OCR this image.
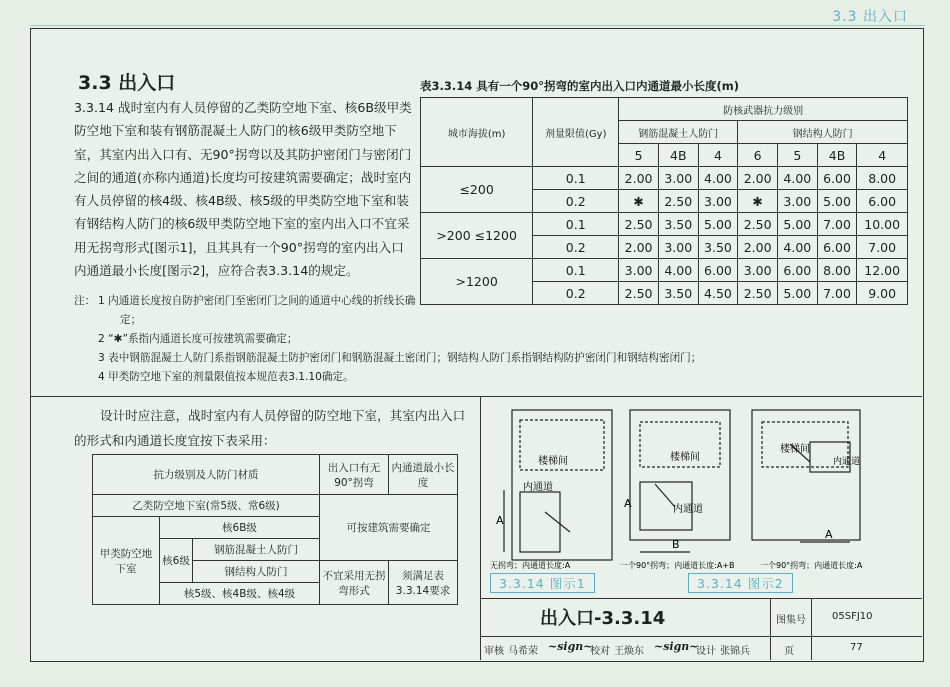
3.3 出入口
3.3 出入口
3.3.14 战时室内有人员停留的乙类防空地下室、核6B级甲类防空地下室和装有钢筋混凝土人防门的核6级甲类防空地下室，其室内出入口有、无90°拐弯以及其防护密闭门与密闭门之间的通道(亦称内通道)长度均可按建筑需要确定；战时室内有人员停留的核4级、核4B级、核5级的甲类防空地下室和装有钢结构人防门的核6级甲类防空地下室的室内出入口不宜采用无拐弯形式[图示1]，且其具有一个90°拐弯的室内出入口内通道最小长度[图示2]，应符合表3.3.14的规定。
表3.3.14 具有一个90°拐弯的室内出入口内通道最小长度(m)
城市海拔(m)	剂量限值(Gy)	防核武器抗力级别						
		钢筋混凝土人防门			钢结构人防门			
		5	4B	4	6	5	4B	4
≤200	0.1	2.00	3.00	4.00	2.00	4.00	6.00	8.00
	0.2	✱	2.50	3.00	✱	3.00	5.00	6.00
>200 ≤1200	0.1	2.50	3.50	5.00	2.50	5.00	7.00	10.00
	0.2	2.00	3.00	3.50	2.00	4.00	6.00	7.00
>1200	0.1	3.00	4.00	6.00	3.00	6.00	8.00	12.00
	0.2	2.50	3.50	4.50	2.50	5.00	7.00	9.00
注： 1 内通道长度按自防护密闭门至密闭门之间的通道中心线的折线长确定；
2 “✱”系指内通道长度可按建筑需要确定；
3 表中钢筋混凝土人防门系指钢筋混凝土防护密闭门和钢筋混凝土密闭门；钢结构人防门系指钢结构防护密闭门和钢结构密闭门；
4 甲类防空地下室的剂量限值按本规范表3.1.10确定。
设计时应注意，战时室内有人员停留的防空地下室，其室内出入口的形式和内通道长度宜按下表采用：
抗力级别及人防门材质			出入口有无90°拐弯	内通道最小长度
乙类防空地下室(常5级、常6级)			可按建筑需要确定	
甲类防空地下室	核6B级			
	核6级	钢筋混凝土人防门		
		钢结构人防门	不宜采用无拐弯形式	须满足表3.3.14要求
	核5级、核4B级、核4级			
楼梯间
内通道
A
楼梯间
内通道
A
B
楼梯间
内通道
A
无拐弯；内通道长度:A	一个90°拐弯；内通道长度:A+B	一个90°拐弯；内通道长度:A
3.3.14 图示1	3.3.14 图示2
出入口-3.3.14	图集号	05SFJ10
审核 马希荣 ~sign~
校对 王焕东 ~sign~
设计 张锦兵	页	77
